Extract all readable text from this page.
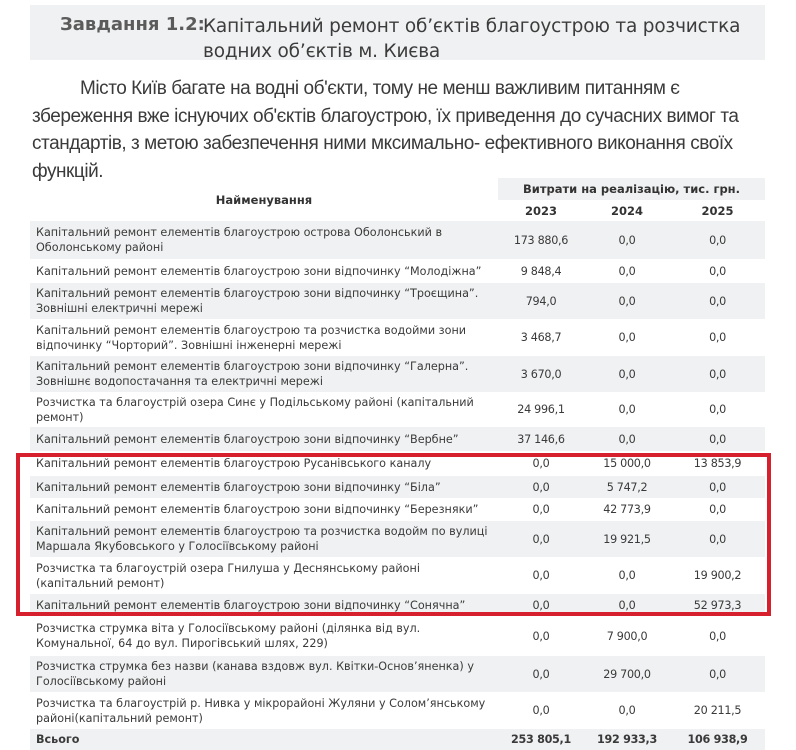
Завдання 1.2:
Капітальний ремонт об’єктів благоустрою та розчистка водних об’єктів м. Києва

Місто Київ багате на водні об'єкти, тому не менш важливим питанням є збереження вже існуючих об'єктів благоустрою, їх приведення до сучасних вимог та стандартів, з метою забезпечення ними мксимально- ефективного виконання своїх функцій.

Найменування	Витрати на реалізацію, тис. грн.		
	2023	2024	2025
Капітальний ремонт елементів благоустрою острова Оболонський в Оболонському районі	173 880,6	0,0	0,0
Капітальний ремонт елементів благоустрою зони відпочинку “Молодіжна”	9 848,4	0,0	0,0
Капітальний ремонт елементів благоустрою зони відпочинку “Троєщина”. Зовнішні електричні мережі	794,0	0,0	0,0
Капітальний ремонт елементів благоустрою та розчистка водойми зони відпочинку “Чорторий”. Зовнішні інженерні мережі	3 468,7	0,0	0,0
Капітальний ремонт елементів благоустрою зони відпочинку “Галерна”. Зовнішнє водопостачання та електричні мережі	3 670,0	0,0	0,0
Розчистка та благоустрій озера Синє у Подільському районі (капітальний ремонт)	24 996,1	0,0	0,0
Капітальний ремонт елементів благоустрою зони відпочинку “Вербне”	37 146,6	0,0	0,0
Капітальний ремонт елементів благоустрою Русанівського каналу	0,0	15 000,0	13 853,9
Капітальний ремонт елементів благоустрою зони відпочинку “Біла”	0,0	5 747,2	0,0
Капітальний ремонт елементів благоустрою зони відпочинку “Березняки”	0,0	42 773,9	0,0
Капітальний ремонт елементів благоустрою та розчистка водойм по вулиці Маршала Якубовського у Голосіївському районі	0,0	19 921,5	0,0
Розчистка та благоустрій озера Гнилуша у Деснянському районі (капітальний ремонт)	0,0	0,0	19 900,2
Капітальний ремонт елементів благоустрою зони відпочинку “Сонячна”	0,0	0,0	52 973,3
Розчистка струмка віта у Голосіївському районі (ділянка від вул. Комунальної, 64 до вул. Пирогівський шлях, 229)	0,0	7 900,0	0,0
Розчистка струмка без назви (канава вздовж вул. Квітки-Основ’яненка) у Голосіївському районі	0,0	29 700,0	0,0
Розчистка та благоустрій р. Нивка у мікрорайоні Жуляни у Солом’янському районі(капітальний ремонт)	0,0	0,0	20 211,5
Всього	253 805,1	192 933,3	106 938,9
